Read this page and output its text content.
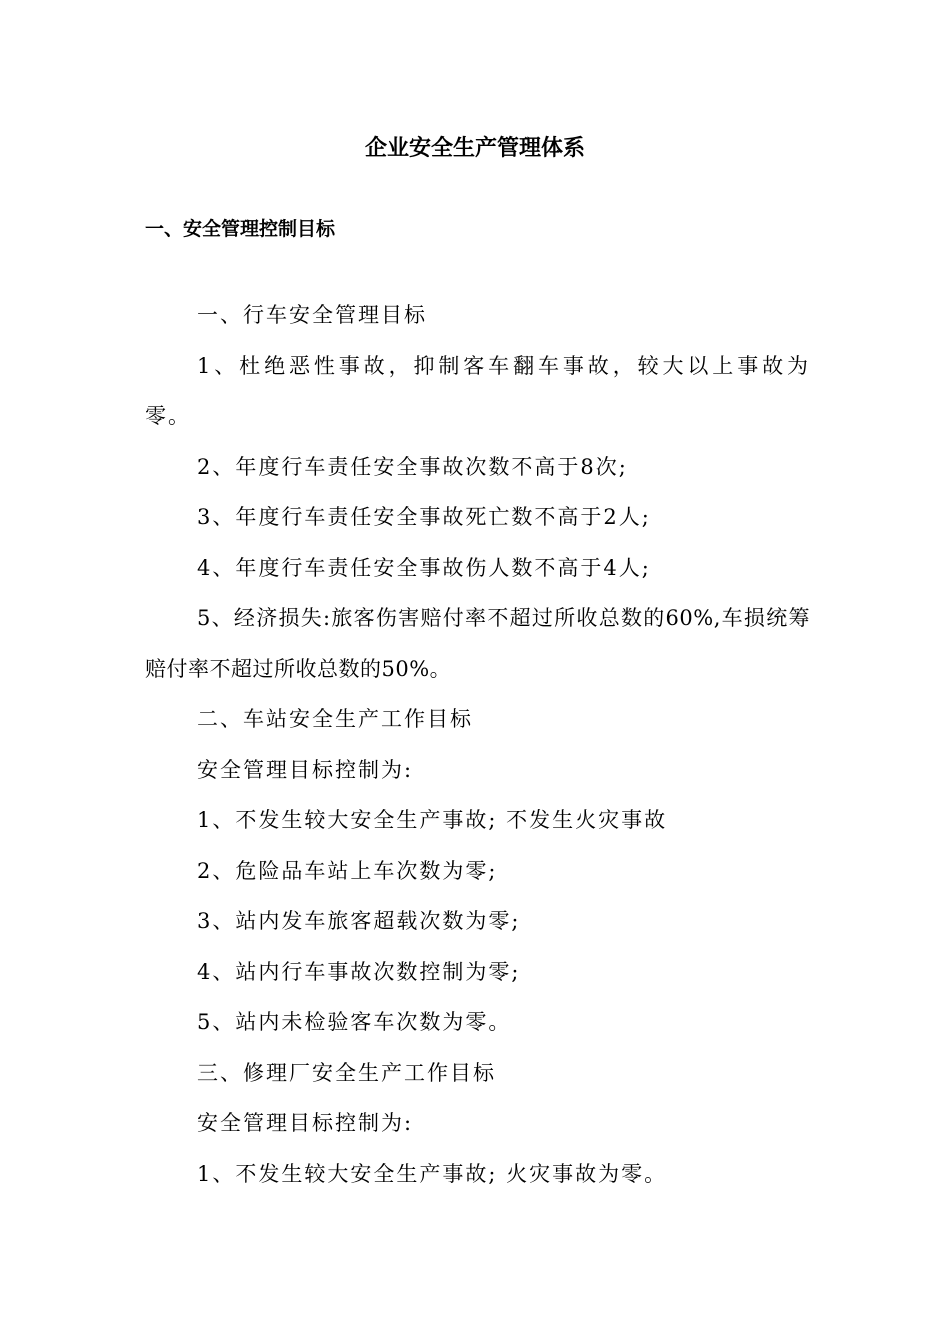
企业安全生产管理体系
一、安全管理控制目标

一、行车安全管理目标

1、杜绝恶性事故，抑制客车翻车事故，较大以上事故为零。

2、年度行车责任安全事故次数不高于8次;

3、年度行车责任安全事故死亡数不高于2人;

4、年度行车责任安全事故伤人数不高于4人;

5、经济损失:旅客伤害赔付率不超过所收总数的60%,车损统筹赔付率不超过所收总数的50%。

二、车站安全生产工作目标

安全管理目标控制为:

1、不发生较大安全生产事故; 不发生火灾事故

2、危险品车站上车次数为零;

3、站内发车旅客超载次数为零;

4、站内行车事故次数控制为零;

5、站内未检验客车次数为零。

三、修理厂安全生产工作目标

安全管理目标控制为:

1、不发生较大安全生产事故; 火灾事故为零。
